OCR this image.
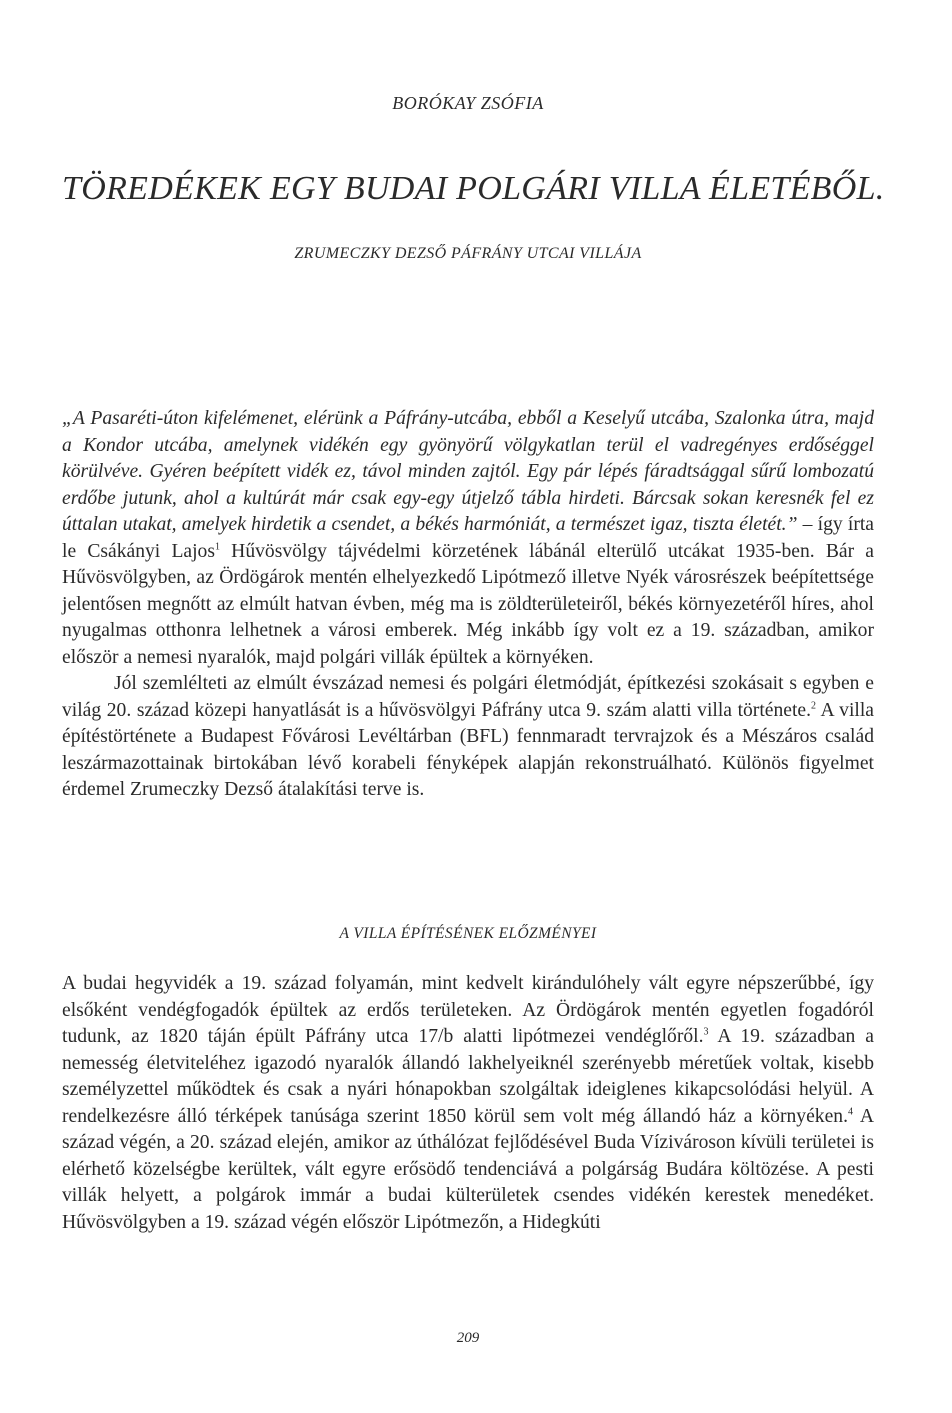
BORÓKAY ZSÓFIA
TÖREDÉKEK EGY BUDAI POLGÁRI VILLA ÉLETÉBŐL.
ZRUMECZKY DEZSŐ PÁFRÁNY UTCAI VILLÁJA

„A Pasaréti-úton kifelémenet, elérünk a Páfrány-utcába, ebből a Keselyű utcába, Szalonka útra, majd a Kondor utcába, amelynek vidékén egy gyönyörű völgykatlan terül el vadregényes erdőséggel körülvéve. Gyéren beépített vidék ez, távol minden zajtól. Egy pár lépés fáradtsággal sűrű lombozatú erdőbe jutunk, ahol a kultúrát már csak egy-egy útjelző tábla hirdeti. Bárcsak sokan keresnék fel ez úttalan utakat, amelyek hirdetik a csendet, a békés harmóniát, a természet igaz, tiszta életét.” – így írta le Csákányi Lajos$^1$ Hűvösvölgy tájvédelmi körzetének lábánál elterülő utcákat 1935-ben. Bár a Hűvösvölgyben, az Ördögárok mentén elhelyezkedő Lipótmező illetve Nyék városrészek beépítettsége jelentősen megnőtt az elmúlt hatvan évben, még ma is zöldterületeiről, békés környezetéről híres, ahol nyugalmas otthonra lelhetnek a városi emberek. Még inkább így volt ez a 19. században, amikor először a nemesi nyaralók, majd polgári villák épültek a környéken.

Jól szemlélteti az elmúlt évszázad nemesi és polgári életmódját, építkezési szokásait s egyben e világ 20. század közepi hanyatlását is a hűvösvölgyi Páfrány utca 9. szám alatti villa története.$^2$ A villa építéstörténete a Budapest Fővárosi Levéltárban (BFL) fennmaradt tervrajzok és a Mészáros család leszármazottainak birtokában lévő korabeli fényképek alapján rekonstruálható. Különös figyelmet érdemel Zrumeczky Dezső átalakítási terve is.

A VILLA ÉPÍTÉSÉNEK ELŐZMÉNYEI

A budai hegyvidék a 19. század folyamán, mint kedvelt kirándulóhely vált egyre népszerűbbé, így elsőként vendégfogadók épültek az erdős területeken. Az Ördögárok mentén egyetlen fogadóról tudunk, az 1820 táján épült Páfrány utca 17/b alatti lipótmezei vendéglőről.$^3$ A 19. században a nemesség életviteléhez igazodó nyaralók állandó lakhelyeiknél szerényebb méretűek voltak, kisebb személyzettel működtek és csak a nyári hónapokban szolgáltak ideiglenes kikapcsolódási helyül. A rendelkezésre álló térképek tanúsága szerint 1850 körül sem volt még állandó ház a környéken.$^4$ A század végén, a 20. század elején, amikor az úthálózat fejlődésével Buda Vízivároson kívüli területei is elérhető közelségbe kerültek, vált egyre erősödő tendenciává a polgárság Budára költözése. A pesti villák helyett, a polgárok immár a budai külterületek csendes vidékén kerestek menedéket. Hűvösvölgyben a 19. század végén először Lipótmezőn, a Hidegkúti

209
